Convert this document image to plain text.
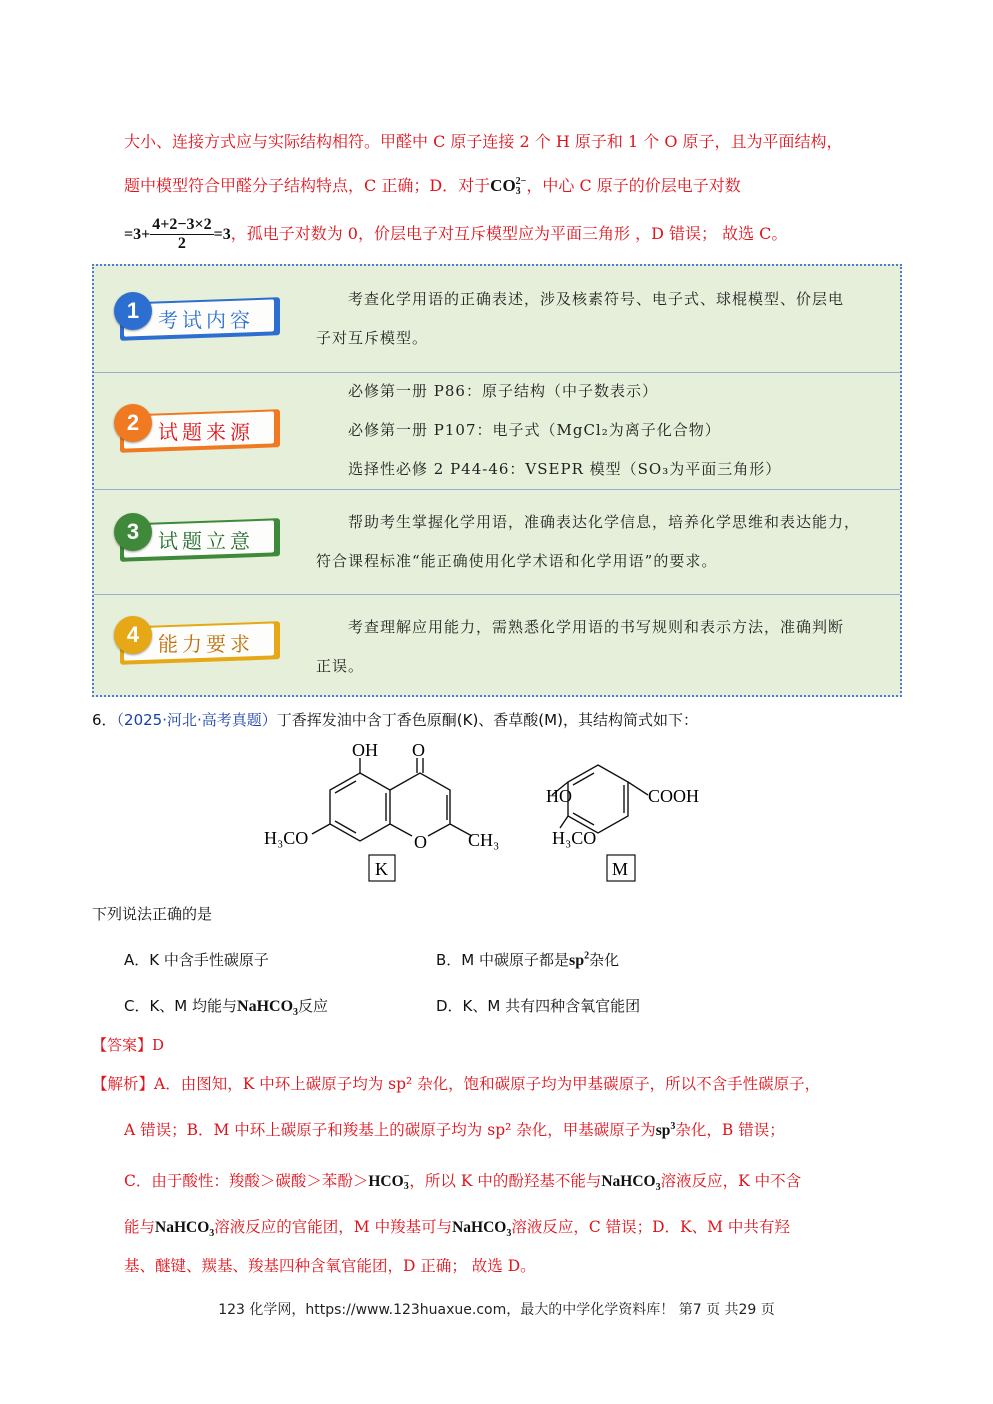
大小、连接方式应与实际结构相符。甲醛中 C 原子连接 2 个 H 原子和 1 个 O 原子，且为平面结构，
题中模型符合甲醛分子结构特点，C 正确；D．对于CO 2−
3 ，中心 C 原子的价层电子对数
$=3+ \frac{4+2-3\times 2}{2} =3$，孤电子对数为 0，价层电子对互斥模型应为平面三角形 ，D 错误； 故选 C。
1 考试内容
考查化学用语的正确表述，涉及核素符号、电子式、球棍模型、价层电
子对互斥模型。
2 试题来源
必修第一册 P86：原子结构（中子数表示）
必修第一册 P107：电子式（MgCl₂为离子化合物）
选择性必修 2 P44-46：VSEPR 模型（SO₃为平面三角形）
3 试题立意
帮助考生掌握化学用语，准确表达化学信息，培养化学思维和表达能力，
符合课程标准“能正确使用化学术语和化学用语”的要求。
4 能力要求
考查理解应用能力，需熟悉化学用语的书写规则和表示方法，准确判断
正误。
6．（2025·河北·高考真题）丁香挥发油中含丁香色原酮(K)、香草酸(M)，其结构简式如下：
OH O
O
H₃CO	CH₃
K
HO	COOH
H₃CO
M
下列说法正确的是
A．K 中含手性碳原子	B．M 中碳原子都是$sp^2$杂化
C．K、M 均能与NaHCO$_3$反应	D．K、M 共有四种含氧官能团
【答案】D
【解析】A．由图知，K 中环上碳原子均为 sp² 杂化，饱和碳原子均为甲基碳原子，所以不含手性碳原子，
A 错误；B．M 中环上碳原子和羧基上的碳原子均为 sp² 杂化，甲基碳原子为$sp^3$杂化，B 错误；
C．由于酸性：羧酸＞碳酸＞苯酚＞HCO −
3 ，所以 K 中的酚羟基不能与NaHCO$_3$溶液反应，K 中不含
能与NaHCO$_3$溶液反应的官能团，M 中羧基可与NaHCO$_3$溶液反应，C 错误；D．K、M 中共有羟
基、醚键、羰基、羧基四种含氧官能团，D 正确； 故选 D。
123 化学网，https://www.123huaxue.com，最大的中学化学资料库！ 第7 页 共29 页
